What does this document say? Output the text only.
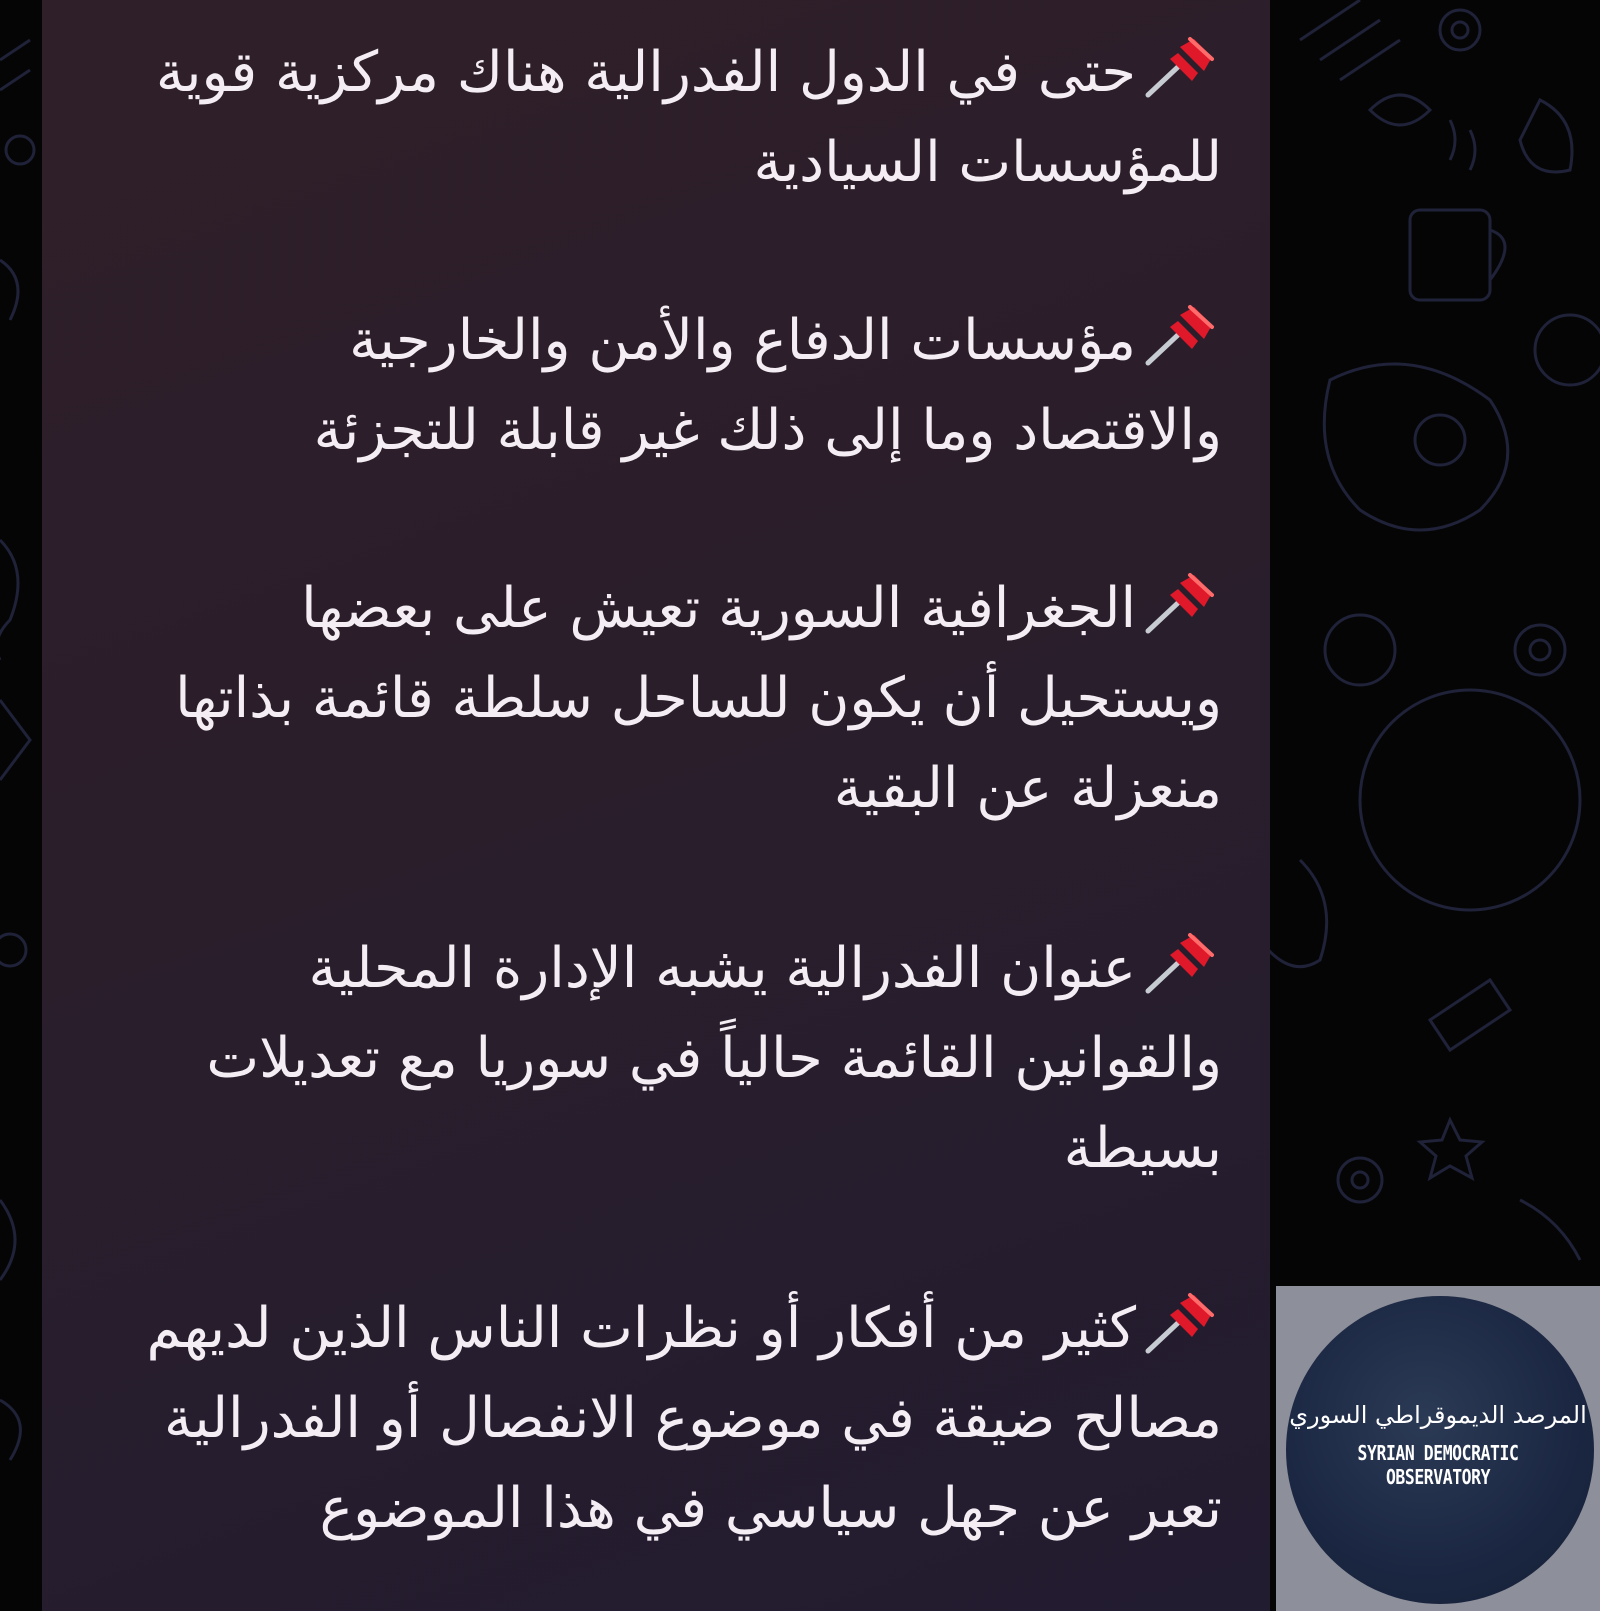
حتى في الدول الفدرالية هناك مركزية قوية
للمؤسسات السيادية
مؤسسات الدفاع والأمن والخارجية
والاقتصاد وما إلى ذلك غير قابلة للتجزئة
الجغرافية السورية تعيش على بعضها
ويستحيل أن يكون للساحل سلطة قائمة بذاتها
منعزلة عن البقية
عنوان الفدرالية يشبه الإدارة المحلية
والقوانين القائمة حالياً في سوريا مع تعديلات
بسيطة
كثير من أفكار أو نظرات الناس الذين لديهم
مصالح ضيقة في موضوع الانفصال أو الفدرالية
تعبر عن جهل سياسي في هذا الموضوع
المرصد الديموقراطي السوري
SYRIAN DEMOCRATIC OBSERVATORY
